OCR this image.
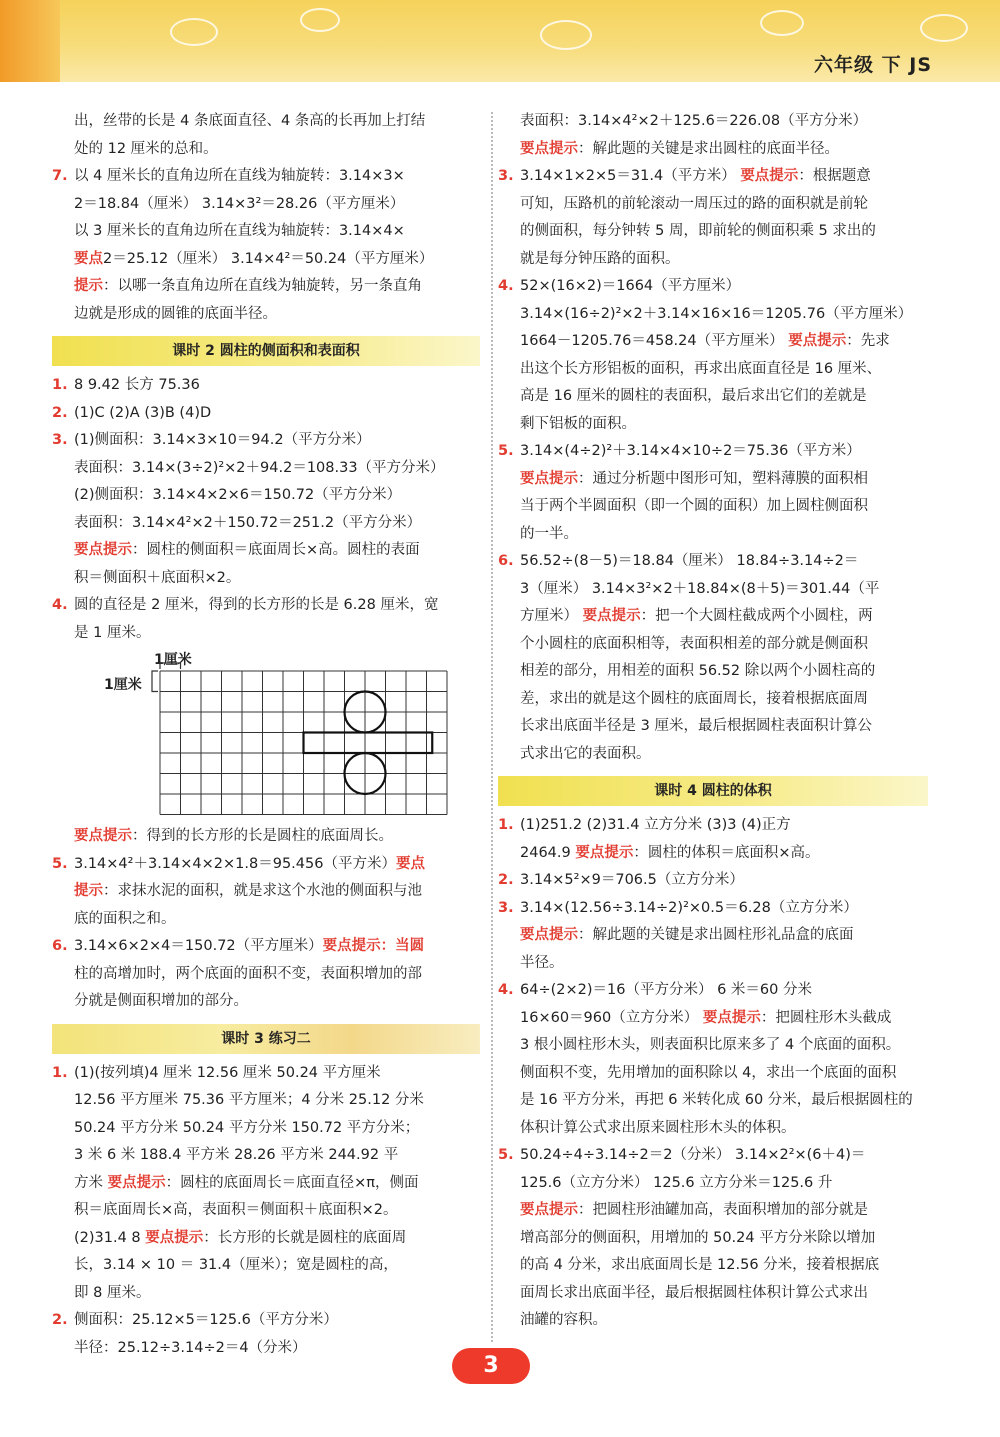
六年级 下 JS
出，丝带的长是 4 条底面直径、4 条高的长再加上打结
处的 12 厘米的总和。
7. 以 4 厘米长的直角边所在直线为轴旋转：3.14×3×
2＝18.84（厘米） 3.14×3²＝28.26（平方厘米）
以 3 厘米长的直角边所在直线为轴旋转：3.14×4×
要点2＝25.12（厘米） 3.14×4²＝50.24（平方厘米）
提示：以哪一条直角边所在直线为轴旋转，另一条直角
边就是形成的圆锥的底面半径。
课时 2 圆柱的侧面积和表面积
1. 8 9.42 长方 75.36
2. (1)C (2)A (3)B (4)D
3. (1)侧面积：3.14×3×10＝94.2（平方分米）
表面积：3.14×(3÷2)²×2＋94.2＝108.33（平方分米）
(2)侧面积：3.14×4×2×6＝150.72（平方分米）
表面积：3.14×4²×2＋150.72＝251.2（平方分米）
要点提示：圆柱的侧面积＝底面周长×高。圆柱的表面
积＝侧面积＋底面积×2。
4. 圆的直径是 2 厘米，得到的长方形的长是 6.28 厘米，宽
是 1 厘米。
1厘米
1厘米
要点提示：得到的长方形的长是圆柱的底面周长。
5. 3.14×4²＋3.14×4×2×1.8＝95.456（平方米）要点
提示：求抹水泥的面积，就是求这个水池的侧面积与池
底的面积之和。
6. 3.14×6×2×4＝150.72（平方厘米）要点提示：当圆
柱的高增加时，两个底面的面积不变，表面积增加的部
分就是侧面积增加的部分。
课时 3 练习二
1. (1)(按列填)4 厘米 12.56 厘米 50.24 平方厘米
12.56 平方厘米 75.36 平方厘米；4 分米 25.12 分米
50.24 平方分米 50.24 平方分米 150.72 平方分米；
3 米 6 米 188.4 平方米 28.26 平方米 244.92 平
方米 要点提示：圆柱的底面周长＝底面直径×π，侧面
积＝底面周长×高，表面积＝侧面积＋底面积×2。
(2)31.4 8 要点提示：长方形的长就是圆柱的底面周
长，3.14 × 10 ＝ 31.4（厘米）；宽是圆柱的高，
即 8 厘米。
2. 侧面积：25.12×5＝125.6（平方分米）
半径：25.12÷3.14÷2＝4（分米）
表面积：3.14×4²×2＋125.6＝226.08（平方分米）
要点提示：解此题的关键是求出圆柱的底面半径。
3. 3.14×1×2×5＝31.4（平方米） 要点提示：根据题意
可知，压路机的前轮滚动一周压过的路的面积就是前轮
的侧面积，每分钟转 5 周，即前轮的侧面积乘 5 求出的
就是每分钟压路的面积。
4. 52×(16×2)＝1664（平方厘米）
3.14×(16÷2)²×2＋3.14×16×16＝1205.76（平方厘米）
1664－1205.76＝458.24（平方厘米） 要点提示：先求
出这个长方形铝板的面积，再求出底面直径是 16 厘米、
高是 16 厘米的圆柱的表面积，最后求出它们的差就是
剩下铝板的面积。
5. 3.14×(4÷2)²＋3.14×4×10÷2＝75.36（平方米）
要点提示：通过分析题中图形可知，塑料薄膜的面积相
当于两个半圆面积（即一个圆的面积）加上圆柱侧面积
的一半。
6. 56.52÷(8－5)＝18.84（厘米） 18.84÷3.14÷2＝
3（厘米） 3.14×3²×2＋18.84×(8＋5)＝301.44（平
方厘米） 要点提示：把一个大圆柱截成两个小圆柱，两
个小圆柱的底面积相等，表面积相差的部分就是侧面积
相差的部分，用相差的面积 56.52 除以两个小圆柱高的
差，求出的就是这个圆柱的底面周长，接着根据底面周
长求出底面半径是 3 厘米，最后根据圆柱表面积计算公
式求出它的表面积。
课时 4 圆柱的体积
1. (1)251.2 (2)31.4 立方分米 (3)3 (4)正方
2464.9 要点提示：圆柱的体积＝底面积×高。
2. 3.14×5²×9＝706.5（立方分米）
3. 3.14×(12.56÷3.14÷2)²×0.5＝6.28（立方分米）
要点提示：解此题的关键是求出圆柱形礼品盒的底面
半径。
4. 64÷(2×2)＝16（平方分米） 6 米＝60 分米
16×60＝960（立方分米） 要点提示：把圆柱形木头截成
3 根小圆柱形木头，则表面积比原来多了 4 个底面的面积。
侧面积不变，先用增加的面积除以 4，求出一个底面的面积
是 16 平方分米，再把 6 米转化成 60 分米，最后根据圆柱的
体积计算公式求出原来圆柱形木头的体积。
5. 50.24÷4÷3.14÷2＝2（分米） 3.14×2²×(6＋4)＝
125.6（立方分米） 125.6 立方分米＝125.6 升
要点提示：把圆柱形油罐加高，表面积增加的部分就是
增高部分的侧面积，用增加的 50.24 平方分米除以增加
的高 4 分米，求出底面周长是 12.56 分米，接着根据底
面周长求出底面半径，最后根据圆柱体积计算公式求出
油罐的容积。
3
